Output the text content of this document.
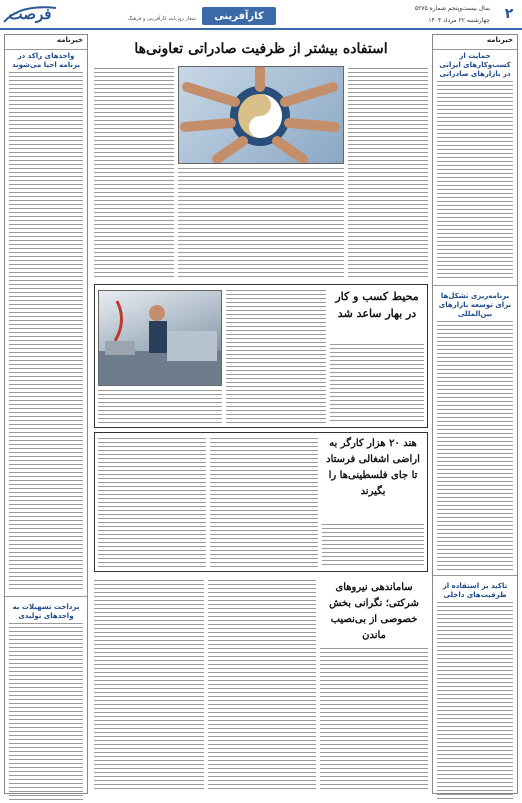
فرصت	شعار روزنامه کارآفرینی و فرهنگ	کارآفرینی
سال بیست‌وپنجم شماره ۵۲۷۵
چهارشنبه ۲۲ مرداد ۱۴۰۴	۲
خبرنامه
حمایت از کسب‌وکارهای ایرانی در بازارهای صادراتی
برنامه‌ریزی تشکل‌ها برای توسعه بازارهای بین‌المللی
تاکید بر استفاده از ظرفیت‌های داخلی
خبرنامه
واحدهای راکد در برنامه احیا می‌شوند
پرداخت تسهیلات به واحدهای تولیدی
استفاده بیشتر از ظرفیت صادراتی تعاونی‌ها
محیط کسب و کار در بهار ساعد شد
هند ۲۰ هزار کارگر به اراضی اشغالی فرستاد تا جای فلسطینی‌ها را بگیرند
ساماندهی نیروهای شرکتی؛ نگرانی بخش خصوصی از بی‌نصیب ماندن
